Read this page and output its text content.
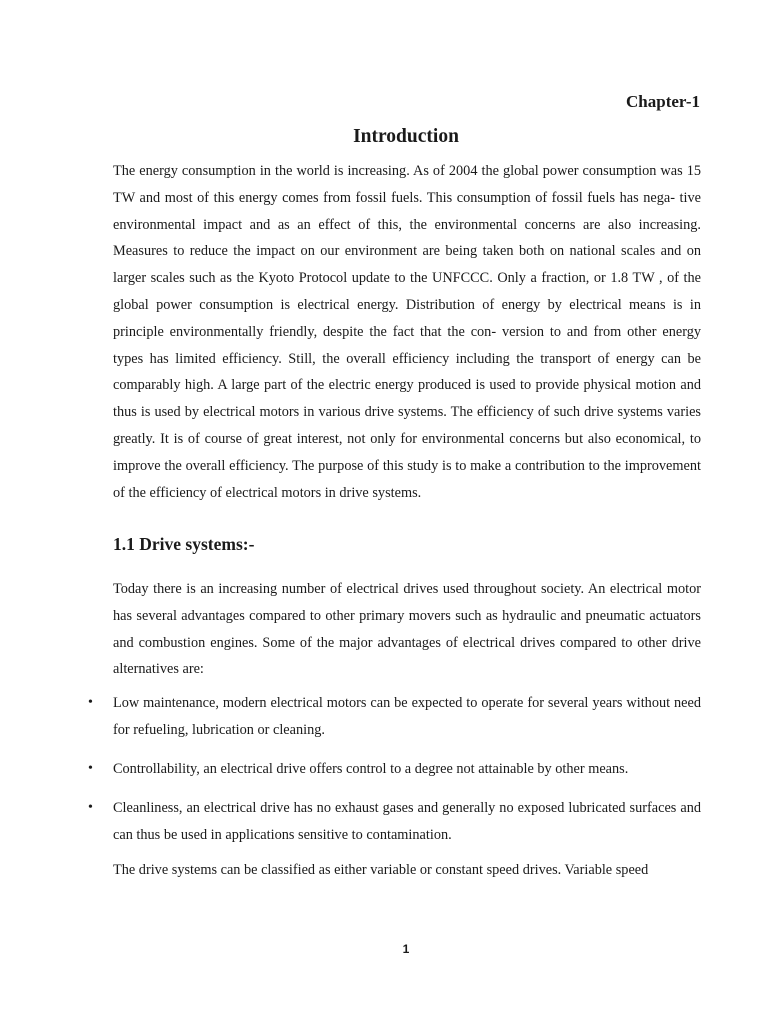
Chapter-1
Introduction

The energy consumption in the world is increasing. As of 2004 the global power consumption was 15 TW and most of this energy comes from fossil fuels. This consumption of fossil fuels has nega- tive environmental impact and as an effect of this, the environmental concerns are also increasing. Measures to reduce the impact on our environment are being taken both on national scales and on larger scales such as the Kyoto Protocol update to the UNFCCC. Only a fraction, or 1.8 TW , of the global power consumption is electrical energy. Distribution of energy by electrical means is in principle environmentally friendly, despite the fact that the con- version to and from other energy types has limited efficiency. Still, the overall efficiency including the transport of energy can be comparably high. A large part of the electric energy produced is used to provide physical motion and thus is used by electrical motors in various drive systems. The efficiency of such drive systems varies greatly. It is of course of great interest, not only for environmental concerns but also economical, to improve the overall efficiency. The purpose of this study is to make a contribution to the improvement of the efficiency of electrical motors in drive systems.

1.1 Drive systems:-

Today there is an increasing number of electrical drives used throughout society. An electrical motor has several advantages compared to other primary movers such as hydraulic and pneumatic actuators and combustion engines. Some of the major advantages of electrical drives compared to other drive alternatives are:

• Low maintenance, modern electrical motors can be expected to operate for several years without need for refueling, lubrication or cleaning.
• Controllability, an electrical drive offers control to a degree not attainable by other means.
• Cleanliness, an electrical drive has no exhaust gases and generally no exposed lubricated surfaces and can thus be used in applications sensitive to contamination.

The drive systems can be classified as either variable or constant speed drives. Variable speed

1
